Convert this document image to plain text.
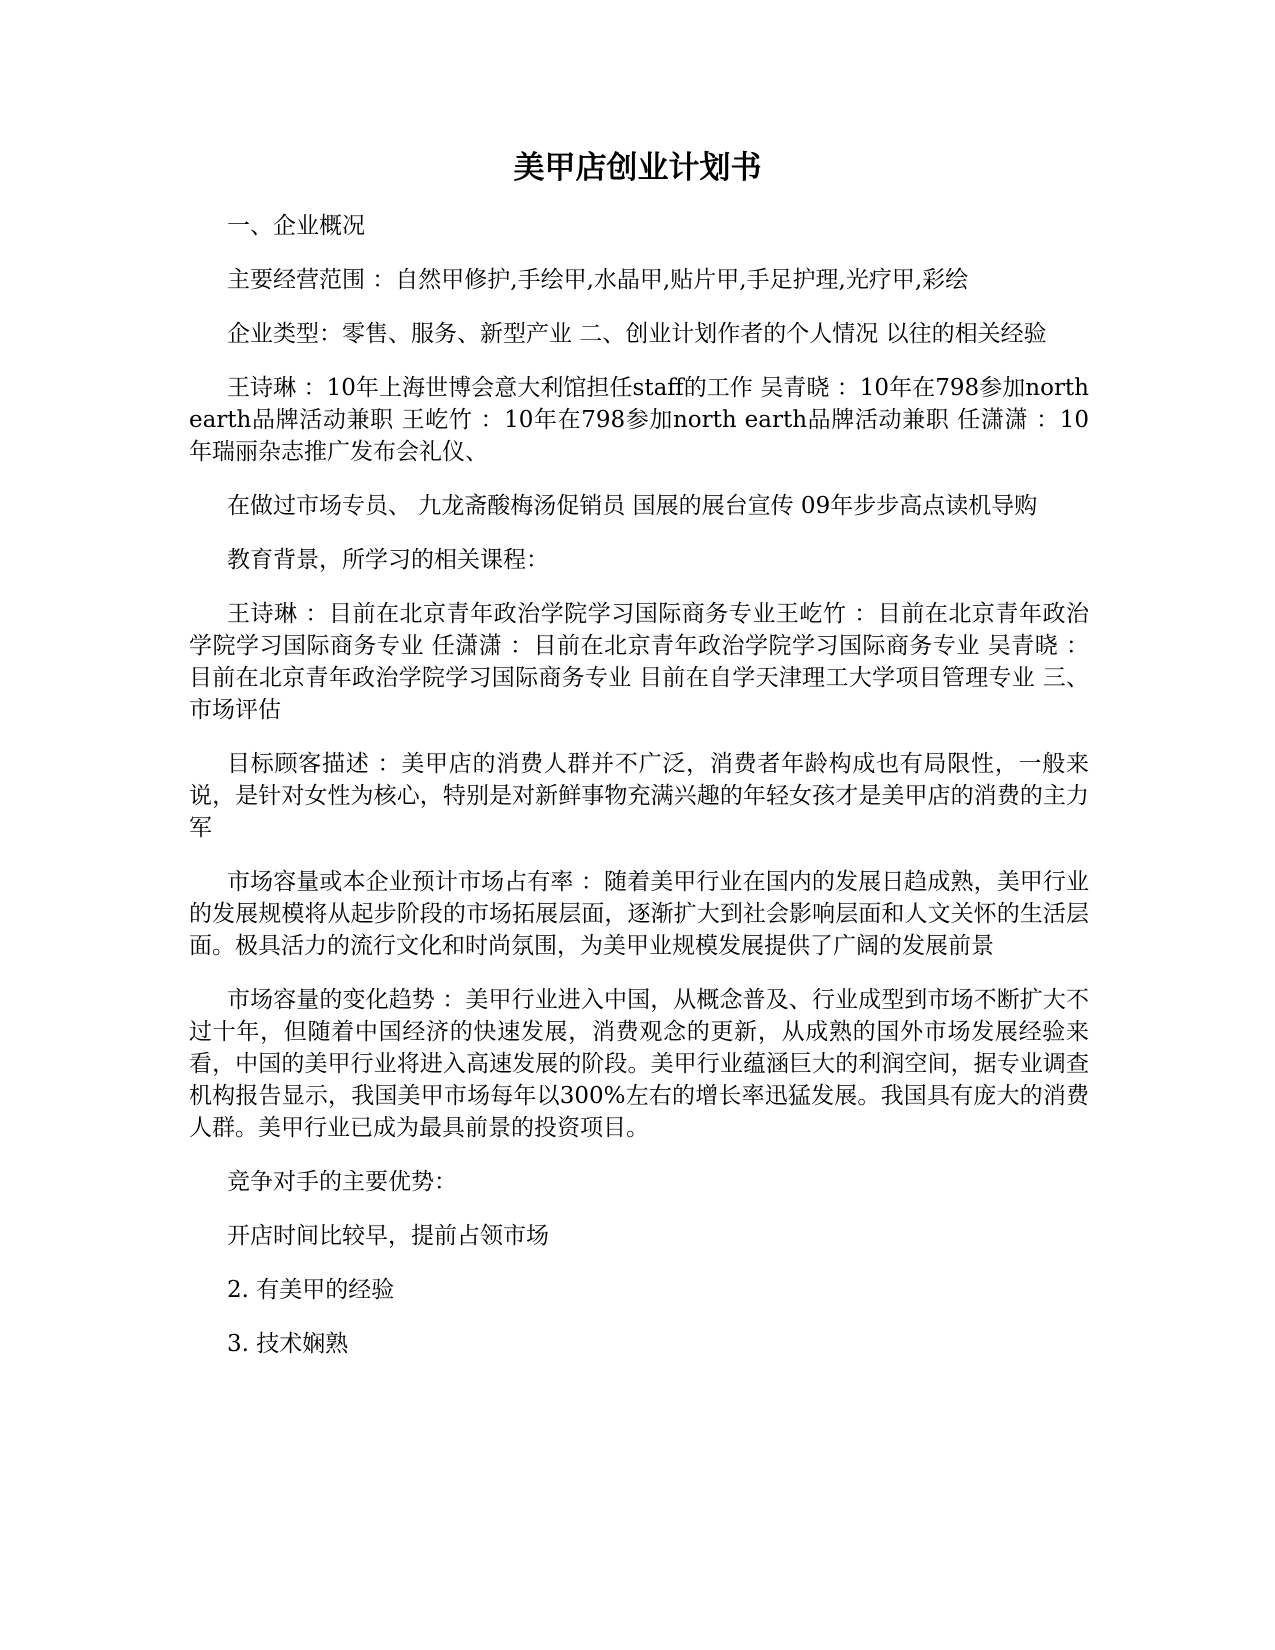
美甲店创业计划书

一、企业概况

主要经营范围 ：自然甲修护,手绘甲,水晶甲,贴片甲,手足护理,光疗甲,彩绘

企业类型：零售、服务、新型产业 二、创业计划作者的个人情况 以往的相关经验

王诗琳 ：10年上海世博会意大利馆担任staff的工作 吴青晓 ：10年在798参加north earth品牌活动兼职 王屹竹 ：10年在798参加north earth品牌活动兼职 任潇潇 ：10年瑞丽杂志推广发布会礼仪、

在做过市场专员、 九龙斋酸梅汤促销员 国展的展台宣传 09年步步高点读机导购

教育背景，所学习的相关课程：

王诗琳 ：目前在北京青年政治学院学习国际商务专业王屹竹 ：目前在北京青年政治学院学习国际商务专业 任潇潇 ：目前在北京青年政治学院学习国际商务专业 吴青晓 ：目前在北京青年政治学院学习国际商务专业 目前在自学天津理工大学项目管理专业 三、市场评估

目标顾客描述 ：美甲店的消费人群并不广泛，消费者年龄构成也有局限性，一般来说，是针对女性为核心，特别是对新鲜事物充满兴趣的年轻女孩才是美甲店的消费的主力军

市场容量或本企业预计市场占有率 ：随着美甲行业在国内的发展日趋成熟，美甲行业的发展规模将从起步阶段的市场拓展层面，逐渐扩大到社会影响层面和人文关怀的生活层面。极具活力的流行文化和时尚氛围，为美甲业规模发展提供了广阔的发展前景

市场容量的变化趋势 ：美甲行业进入中国，从概念普及、行业成型到市场不断扩大不过十年，但随着中国经济的快速发展，消费观念的更新，从成熟的国外市场发展经验来看，中国的美甲行业将进入高速发展的阶段。美甲行业蕴涵巨大的利润空间，据专业调查机构报告显示，我国美甲市场每年以300%左右的增长率迅猛发展。我国具有庞大的消费人群。美甲行业已成为最具前景的投资项目。

竞争对手的主要优势：

开店时间比较早，提前占领市场

2. 有美甲的经验

3. 技术娴熟
